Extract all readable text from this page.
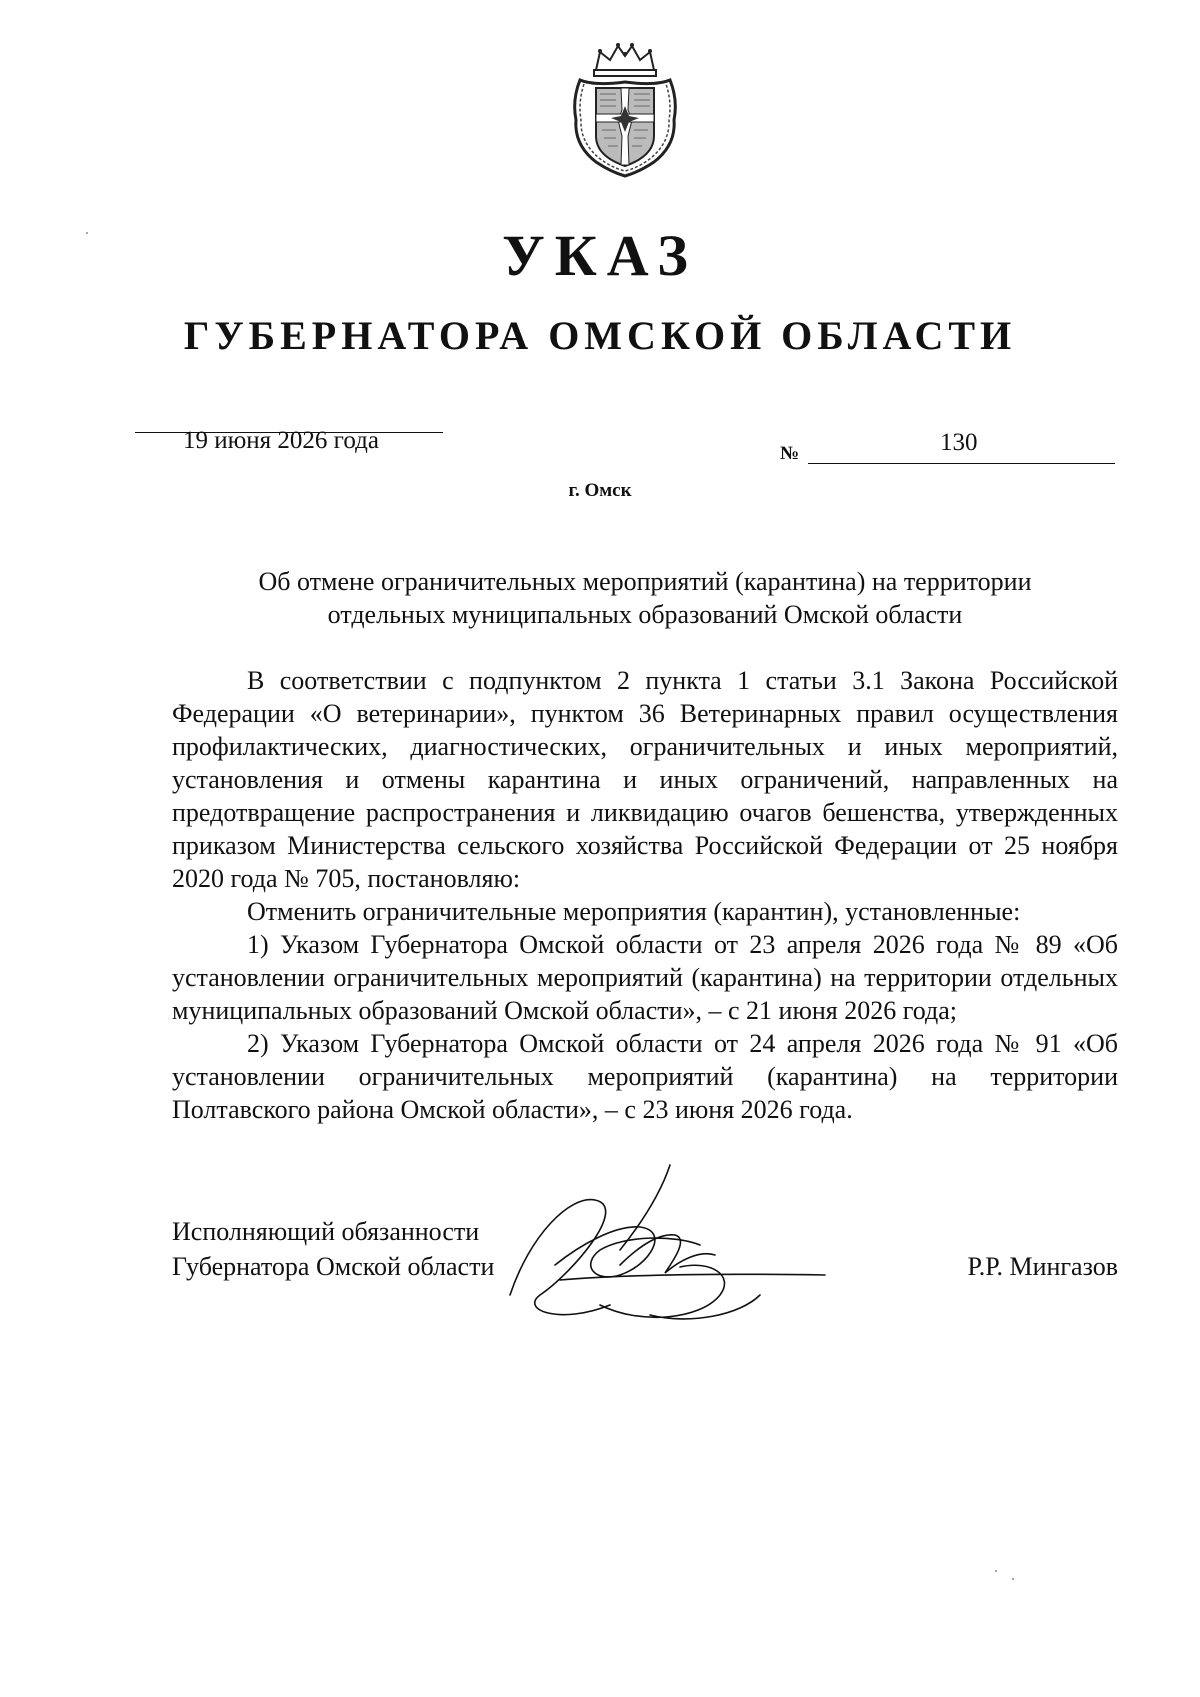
УКАЗ
ГУБЕРНАТОРА ОМСКОЙ ОБЛАСТИ
19 июня 2026 года	№	130
г. Омск
Об отмене ограничительных мероприятий (карантина) на территории
отдельных муниципальных образований Омской области

В соответствии с подпунктом 2 пункта 1 статьи 3.1 Закона Российской Федерации «О ветеринарии», пунктом 36 Ветеринарных правил осуществления профилактических, диагностических, ограничительных и иных мероприятий, установления и отмены карантина и иных ограничений, направленных на предотвращение распространения и ликвидацию очагов бешенства, утвержденных приказом Министерства сельского хозяйства Российской Федерации от 25 ноября 2020 года № 705, постановляю:

Отменить ограничительные мероприятия (карантин), установленные:

1) Указом Губернатора Омской области от 23 апреля 2026 года № 89 «Об установлении ограничительных мероприятий (карантина) на территории отдельных муниципальных образований Омской области», – с 21 июня 2026 года;

2) Указом Губернатора Омской области от 24 апреля 2026 года № 91 «Об установлении ограничительных мероприятий (карантина) на территории Полтавского района Омской области», – с 23 июня 2026 года.

Исполняющий обязанности
Губернатора Омской области	Р.Р. Мингазов
